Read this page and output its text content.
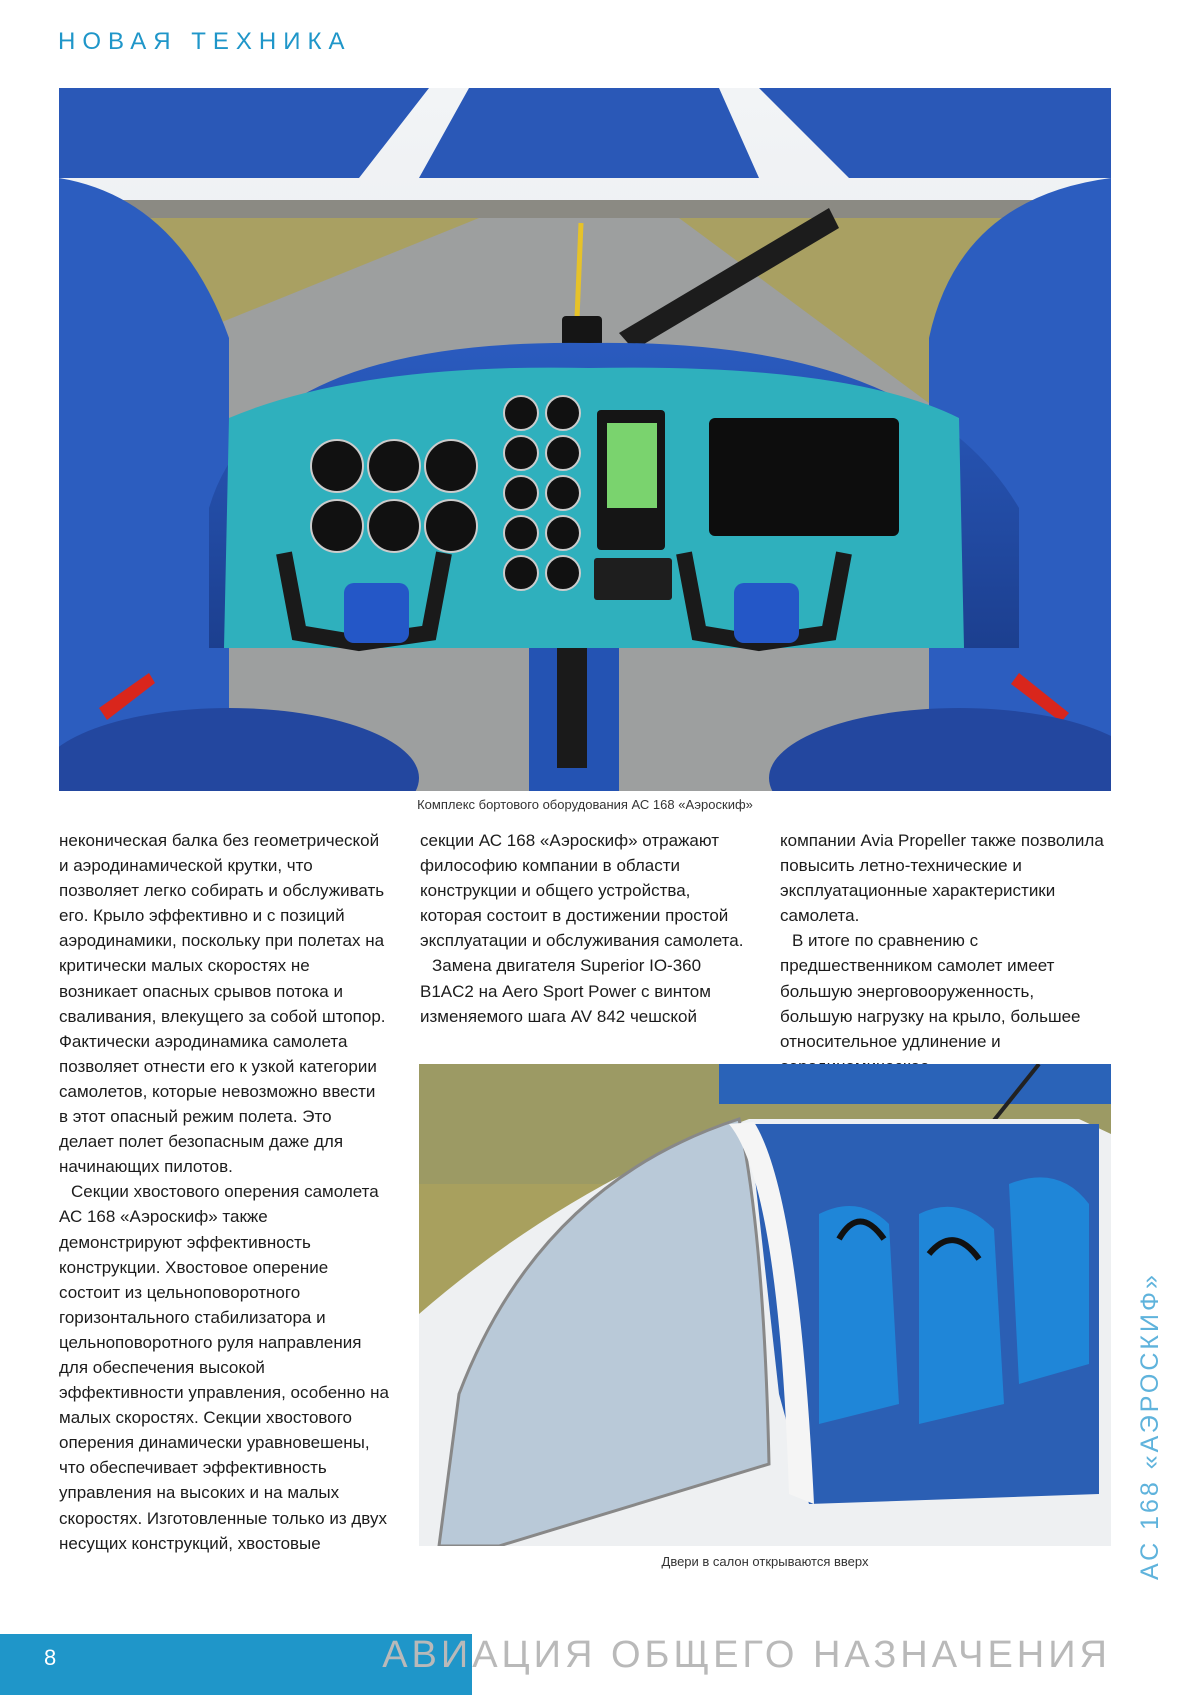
НОВАЯ ТЕХНИКА

Комплекс бортового оборудования АС 168 «Аэроскиф»

неконическая балка без геометрической и аэродинамической крутки, что позволяет легко собирать и обслуживать его. Крыло эффективно и с позиций аэродинамики, поскольку при полетах на критически малых скоростях не возникает опасных срывов потока и сваливания, влекущего за собой штопор. Фактически аэродинамика самолета позволяет отнести его к узкой категории самолетов, которые невозможно ввести в этот опасный режим полета. Это делает полет безопасным даже для начинающих пилотов.

Секции хвостового оперения самолета АС 168 «Аэроскиф» также демонстрируют эффективность конструкции. Хвостовое оперение состоит из цельноповоротного горизонтального стабилизатора и цельноповоротного руля направления для обеспечения высокой эффективности управления, особенно на малых скоростях. Секции хвостового оперения динамически уравновешены, что обеспечивает эффективность управления на высоких и на малых скоростях. Изготовленные только из двух несущих конструкций, хвостовые

секции АС 168 «Аэроскиф» отражают философию компании в области конструкции и общего устройства, которая состоит в достижении простой эксплуатации и обслуживания самолета.

Замена двигателя Superior IO-360 B1AC2 на Aero Sport Power с винтом изменяемого шага AV 842 чешской

компании Avia Propeller также позволила повысить летно-технические и эксплуатационные характеристики самолета.

В итоге по сравнению с предшественником самолет имеет большую энерговооруженность, большую нагрузку на крыло, большее относительное удлинение и

Двери в салон открываются вверх	АС 168 «АЭРОСКИФ»
8	АВИАЦИЯ ОБЩЕГО НАЗНАЧЕНИЯ
